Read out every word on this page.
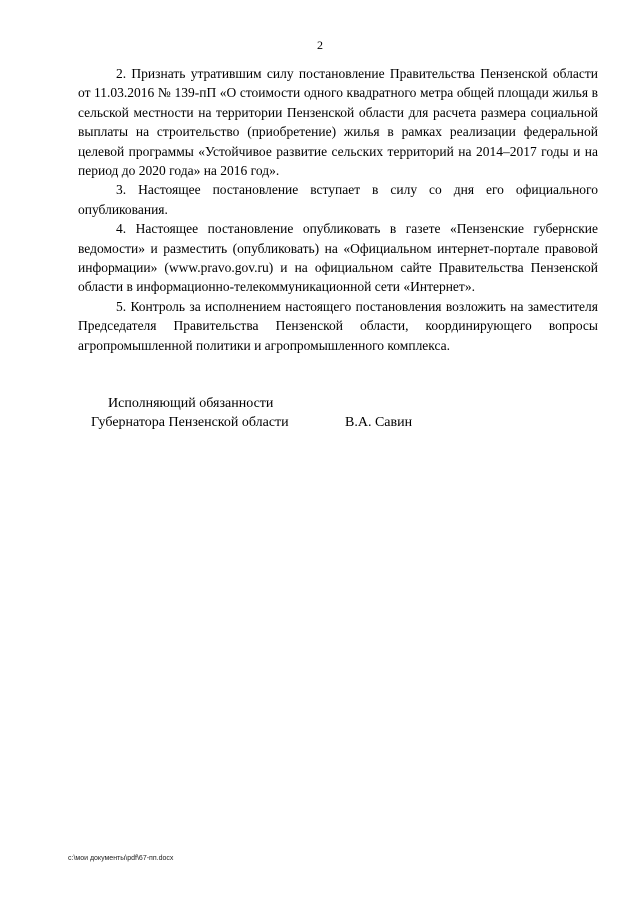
2

2. Признать утратившим силу постановление Правительства Пензенской области от 11.03.2016 № 139-пП «О стоимости одного квадратного метра общей площади жилья в сельской местности на территории Пензенской области для расчета размера социальной выплаты на строительство (приобретение) жилья в рамках реализации федеральной целевой программы «Устойчивое развитие сельских территорий на 2014–2017 годы и на период до 2020 года» на 2016 год».

3. Настоящее постановление вступает в силу со дня его официального опубликования.

4. Настоящее постановление опубликовать в газете «Пензенские губернские ведомости» и разместить (опубликовать) на «Официальном интернет-портале правовой информации» (www.pravo.gov.ru) и на официальном сайте Правительства Пензенской области в информационно-телекоммуникационной сети «Интернет».

5. Контроль за исполнением настоящего постановления возложить на заместителя Председателя Правительства Пензенской области, координирующего вопросы агропромышленной политики и агропромышленного комплекса.

Исполняющий обязанности
Губернатора Пензенской области	В.А. Савин
c:\мои документы\pdf\67-пп.docx
